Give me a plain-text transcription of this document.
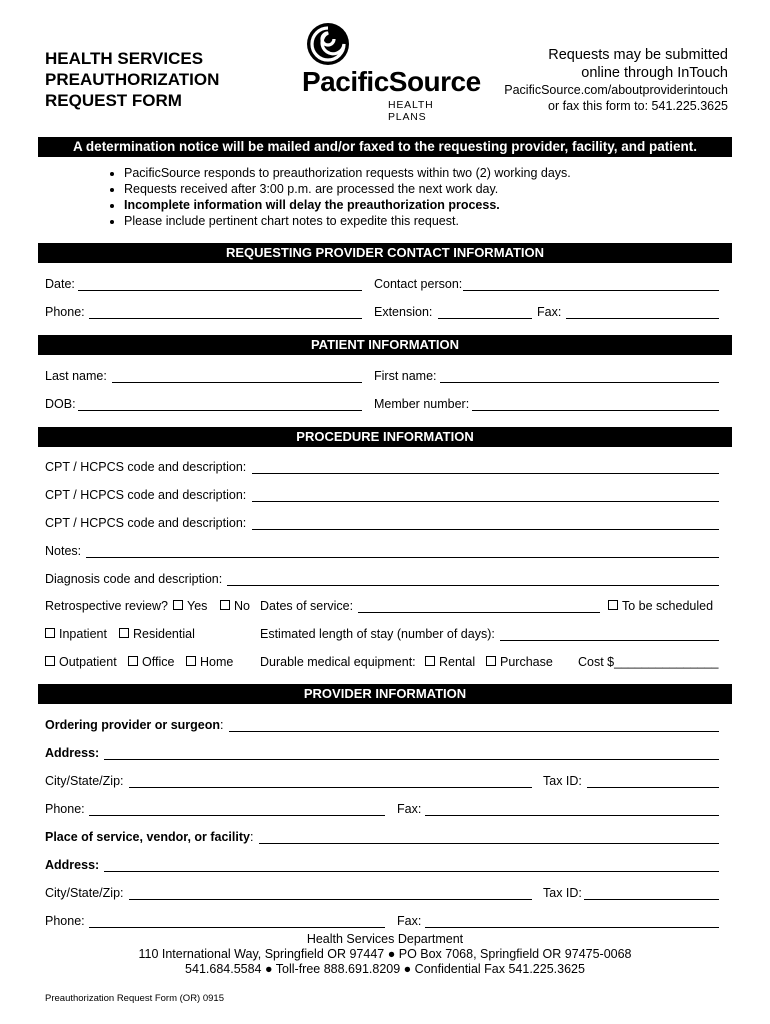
HEALTH SERVICES
PREAUTHORIZATION
REQUEST FORM
PacificSource
HEALTH PLANS
Requests may be submitted
online through InTouch
PacificSource.com/aboutproviderintouch
or fax this form to: 541.225.3625
A determination notice will be mailed and/or faxed to the requesting provider, facility, and patient.
• PacificSource responds to preauthorization requests within two (2) working days.
• Requests received after 3:00 p.m. are processed the next work day.
• Incomplete information will delay the preauthorization process.
• Please include pertinent chart notes to expedite this request.
REQUESTING PROVIDER CONTACT INFORMATION
Date:	Contact person:
Phone:	Extension:	Fax:
PATIENT INFORMATION
Last name:	First name:
DOB:	Member number:
PROCEDURE INFORMATION
CPT / HCPCS code and description:
CPT / HCPCS code and description:
CPT / HCPCS code and description:
Notes:
Diagnosis code and description:
Retrospective review?	Yes	No Dates of service:	To be scheduled
Inpatient	Residential	Estimated length of stay (number of days):
Outpatient	Office	Home Durable medical equipment:	Rental	Purchase Cost $_______________
PROVIDER INFORMATION
Ordering provider or surgeon:
Address:
City/State/Zip:	Tax ID:
Phone:	Fax:
Place of service, vendor, or facility:
Address:
City/State/Zip:	Tax ID:
Phone:	Fax:
Health Services Department
110 International Way, Springfield OR 97447 ● PO Box 7068, Springfield OR 97475-0068
541.684.5584 ● Toll-free 888.691.8209 ● Confidential Fax 541.225.3625
Preauthorization Request Form (OR) 0915
